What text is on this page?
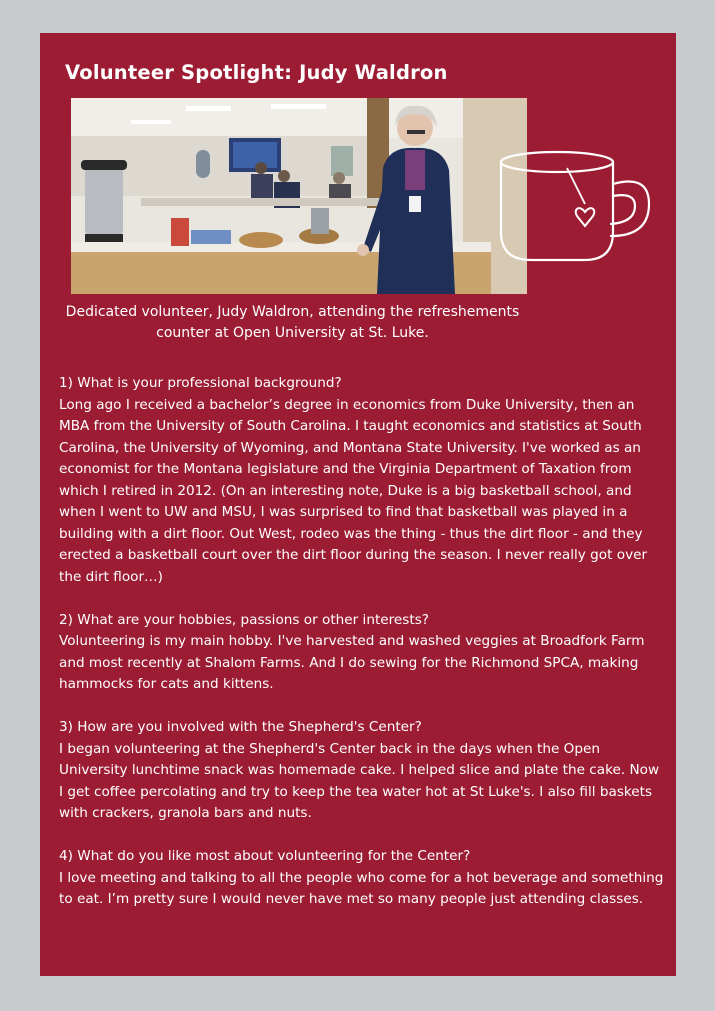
Volunteer Spotlight: Judy Waldron
Dedicated volunteer, Judy Waldron, attending the refreshements counter at Open University at St. Luke.

1) What is your professional background?

Long ago I received a bachelor’s degree in economics from Duke University, then an MBA from the University of South Carolina. I taught economics and statistics at South Carolina, the University of Wyoming, and Montana State University. I've worked as an economist for the Montana legislature and the Virginia Department of Taxation from which I retired in 2012. (On an interesting note, Duke is a big basketball school, and when I went to UW and MSU, I was surprised to find that basketball was played in a building with a dirt floor. Out West, rodeo was the thing - thus the dirt floor - and they erected a basketball court over the dirt floor during the season. I never really got over the dirt floor…)

2) What are your hobbies, passions or other interests?

Volunteering is my main hobby. I've harvested and washed veggies at Broadfork Farm and most recently at Shalom Farms. And I do sewing for the Richmond SPCA, making hammocks for cats and kittens.

3) How are you involved with the Shepherd's Center?

I began volunteering at the Shepherd's Center back in the days when the Open University lunchtime snack was homemade cake. I helped slice and plate the cake. Now I get coffee percolating and try to keep the tea water hot at St Luke's. I also fill baskets with crackers, granola bars and nuts.

4) What do you like most about volunteering for the Center?

I love meeting and talking to all the people who come for a hot beverage and something to eat. I’m pretty sure I would never have met so many people just attending classes.
